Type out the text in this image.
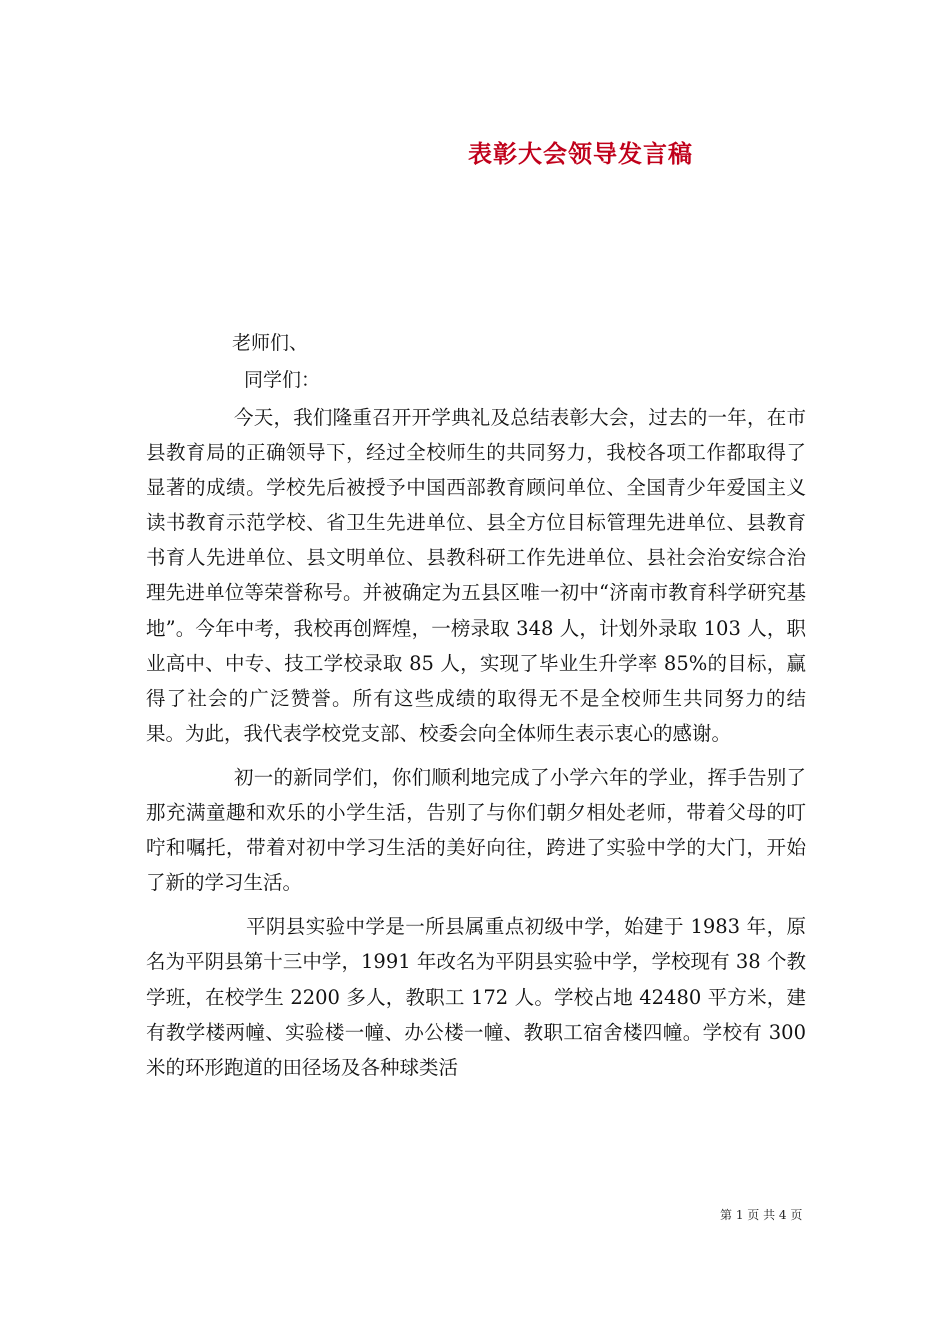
表彰大会领导发言稿
老师们、
同学们：

今天，我们隆重召开开学典礼及总结表彰大会，过去的一年，在市县教育局的正确领导下，经过全校师生的共同努力，我校各项工作都取得了显著的成绩。学校先后被授予中国西部教育顾问单位、全国青少年爱国主义读书教育示范学校、省卫生先进单位、县全方位目标管理先进单位、县教育书育人先进单位、县文明单位、县教科研工作先进单位、县社会治安综合治理先进单位等荣誉称号。并被确定为五县区唯一初中“济南市教育科学研究基地”。今年中考，我校再创辉煌，一榜录取 348 人，计划外录取 103 人，职业高中、中专、技工学校录取 85 人，实现了毕业生升学率 85%的目标，赢得了社会的广泛赞誉。所有这些成绩的取得无不是全校师生共同努力的结果。为此，我代表学校党支部、校委会向全体师生表示衷心的感谢。

初一的新同学们，你们顺利地完成了小学六年的学业，挥手告别了那充满童趣和欢乐的小学生活，告别了与你们朝夕相处老师，带着父母的叮咛和嘱托，带着对初中学习生活的美好向往，跨进了实验中学的大门，开始了新的学习生活。

平阴县实验中学是一所县属重点初级中学，始建于 1983 年，原名为平阴县第十三中学，1991 年改名为平阴县实验中学，学校现有 38 个教学班，在校学生 2200 多人，教职工 172 人。学校占地 42480 平方米，建有教学楼两幢、实验楼一幢、办公楼一幢、教职工宿舍楼四幢。学校有 300 米的环形跑道的田径场及各种球类活

第 1 页 共 4 页
